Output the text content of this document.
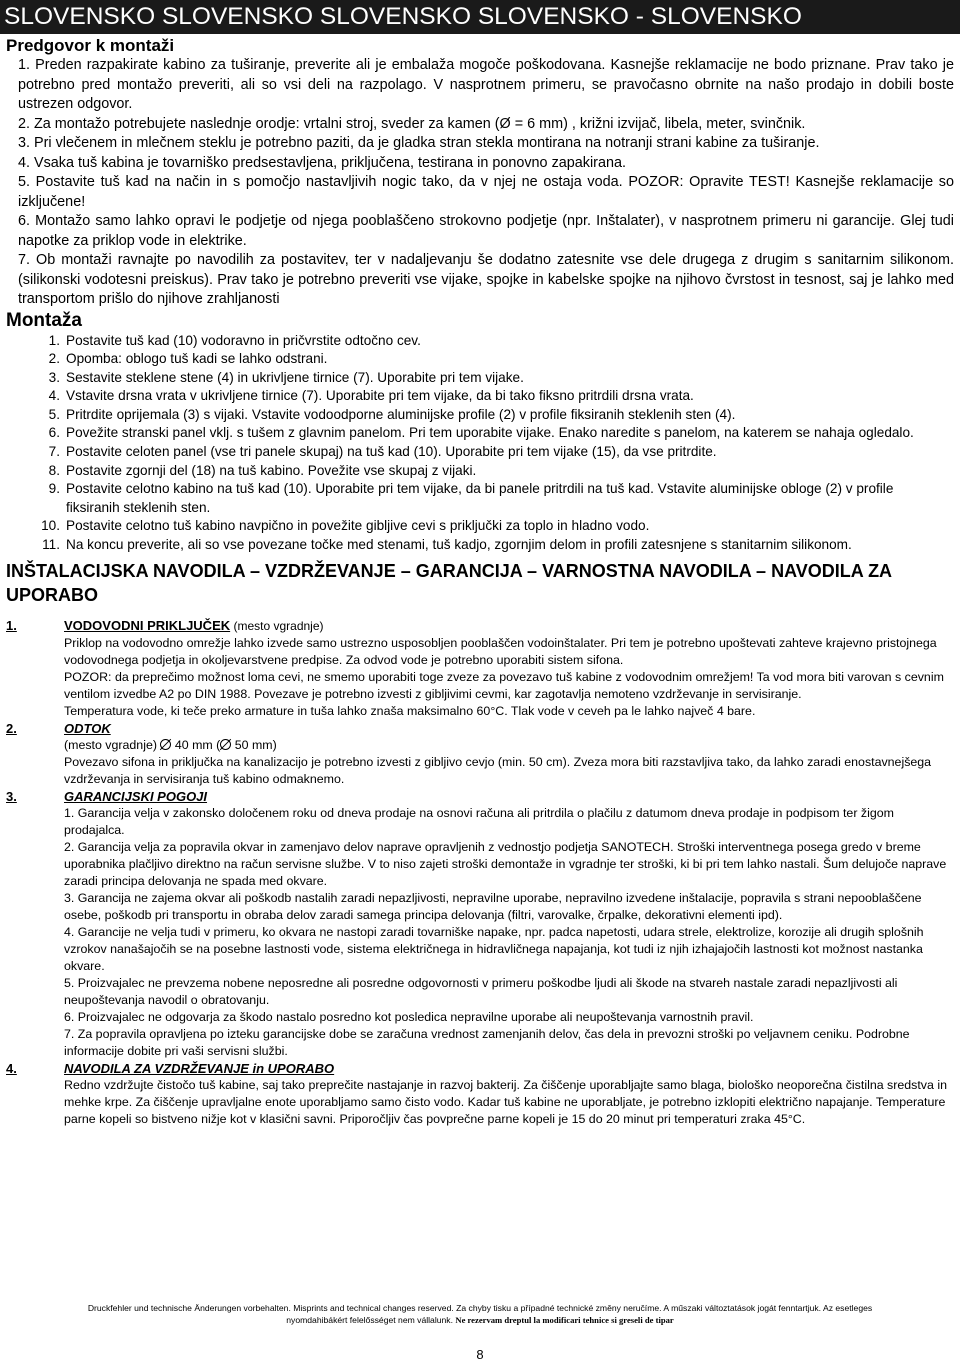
SLOVENSKO SLOVENSKO SLOVENSKO SLOVENSKO - SLOVENSKO
Predgovor k montaži

1. Preden razpakirate kabino za tuširanje, preverite ali je embalaža mogoče poškodovana. Kasnejše reklamacije ne bodo priznane. Prav tako je potrebno pred montažo preveriti, ali so vsi deli na razpolago. V nasprotnem primeru, se pravočasno obrnite na našo prodajo in dobili boste ustrezen odgovor.

2. Za montažo potrebujete naslednje orodje: vrtalni stroj, sveder za kamen (Ø = 6 mm) , križni izvijač, libela, meter, svinčnik.

3. Pri vlečenem in mlečnem steklu je potrebno paziti, da je gladka stran stekla montirana na notranji strani kabine za tuširanje.

4. Vsaka tuš kabina je tovarniško predsestavljena, priključena, testirana in ponovno zapakirana.

5. Postavite tuš kad na način in s pomočjo nastavljivih nogic tako, da v njej ne ostaja voda. POZOR: Opravite TEST! Kasnejše reklamacije so izključene!

6. Montažo samo lahko opravi le podjetje od njega pooblaščeno strokovno podjetje (npr. Inštalater), v nasprotnem primeru ni garancije. Glej tudi napotke za priklop vode in elektrike.

7. Ob montaži ravnajte po navodilih za postavitev, ter v nadaljevanju še dodatno zatesnite vse dele drugega z drugim s sanitarnim silikonom. (silikonski vodotesni preiskus). Prav tako je potrebno preveriti vse vijake, spojke in kabelske spojke na njihovo čvrstost in tesnost, saj je lahko med transportom prišlo do njihove zrahljanosti

Montaža
1. Postavite tuš kad (10) vodoravno in pričvrstite odtočno cev.
2. Opomba: oblogo tuš kadi se lahko odstrani.
3. Sestavite steklene stene (4) in ukrivljene tirnice (7). Uporabite pri tem vijake.
4. Vstavite drsna vrata v ukrivljene tirnice (7). Uporabite pri tem vijake, da bi tako fiksno pritrdili drsna vrata.
5. Pritrdite oprijemala (3) s vijaki. Vstavite vodoodporne aluminijske profile (2) v profile fiksiranih steklenih sten (4).
6. Povežite stranski panel vklj. s tušem z glavnim panelom. Pri tem uporabite vijake. Enako naredite s panelom, na katerem se nahaja ogledalo.
7. Postavite celoten panel (vse tri panele skupaj) na tuš kad (10). Uporabite pri tem vijake (15), da vse pritrdite.
8. Postavite zgornji del (18) na tuš kabino. Povežite vse skupaj z vijaki.
9. Postavite celotno kabino na tuš kad (10). Uporabite pri tem vijake, da bi panele pritrdili na tuš kad. Vstavite aluminijske obloge (2) v profile fiksiranih steklenih sten.
10. Postavite celotno tuš kabino navpično in povežite gibljive cevi s priključki za toplo in hladno vodo.
11. Na koncu preverite, ali so vse povezane točke med stenami, tuš kadjo, zgornjim delom in profili zatesnjene s stanitarnim silikonom.
INŠTALACIJSKA NAVODILA – VZDRŽEVANJE – GARANCIJA – VARNOSTNA NAVODILA – NAVODILA ZA UPORABO
1.	VODOVODNI PRIKLJUČEK (mesto vgradnje)

Priklop na vodovodno omrežje lahko izvede samo ustrezno usposobljen pooblaščen vodoinštalater. Pri tem je potrebno upoštevati zahteve krajevno pristojnega vodovodnega podjetja in okoljevarstvene predpise. Za odvod vode je potrebno uporabiti sistem sifona.

POZOR: da preprečimo možnost loma cevi, ne smemo uporabiti toge zveze za povezavo tuš kabine z vodovodnim omrežjem! Ta vod mora biti varovan s cevnim ventilom izvedbe A2 po DIN 1988. Povezave je potrebno izvesti z gibljivimi cevmi, kar zagotavlja nemoteno vzdrževanje in servisiranje.

Temperatura vode, ki teče preko armature in tuša lahko znaša maksimalno 60°C. Tlak vode v ceveh pa le lahko največ 4 bare.

2.	ODTOK

(mesto vgradnje)  40 mm ( 50 mm)

Povezavo sifona in priključka na kanalizacijo je potrebno izvesti z gibljivo cevjo (min. 50 cm). Zveza mora biti razstavljiva tako, da lahko zaradi enostavnejšega vzdrževanja in servisiranja tuš kabino odmaknemo.

3.	GARANCIJSKI POGOJI

1. Garancija velja v zakonsko določenem roku od dneva prodaje na osnovi računa ali pritrdila o plačilu z datumom dneva prodaje in podpisom ter žigom prodajalca.

2. Garancija velja za popravila okvar in zamenjavo delov naprave opravljenih z vednostjo podjetja SANOTECH. Stroški interventnega posega gredo v breme uporabnika plačljivo direktno na račun servisne službe. V to niso zajeti stroški demontaže in vgradnje ter stroški, ki bi pri tem lahko nastali. Šum delujoče naprave zaradi principa delovanja ne spada med okvare.

3. Garancija ne zajema okvar ali poškodb nastalih zaradi nepazljivosti, nepravilne uporabe, nepravilno izvedene inštalacije, popravila s strani nepooblaščene osebe, poškodb pri transportu in obraba delov zaradi samega principa delovanja (filtri, varovalke, črpalke, dekorativni elementi ipd).

4. Garancije ne velja tudi v primeru, ko okvara ne nastopi zaradi tovarniške napake, npr. padca napetosti, udara strele, elektrolize, korozije ali drugih splošnih vzrokov nanašajočih se na posebne lastnosti vode, sistema električnega in hidravličnega napajanja, kot tudi iz njih izhajajočih lastnosti kot možnost nastanka okvare.

5. Proizvajalec ne prevzema nobene neposredne ali posredne odgovornosti v primeru poškodbe ljudi ali škode na stvareh nastale zaradi nepazljivosti ali neupoštevanja navodil o obratovanju.

6. Proizvajalec ne odgovarja za škodo nastalo posredno kot posledica nepravilne uporabe ali neupoštevanja varnostnih pravil.

7. Za popravila opravljena po izteku garancijske dobe se zaračuna vrednost zamenjanih delov, čas dela in prevozni stroški po veljavnem ceniku. Podrobne informacije dobite pri vaši servisni službi.

4.	NAVODILA ZA VZDRŽEVANJE in UPORABO

Redno vzdržujte čistočo tuš kabine, saj tako preprečite nastajanje in razvoj bakterij. Za čiščenje uporabljajte samo blaga, biološko neoporečna čistilna sredstva in mehke krpe. Za čiščenje upravljalne enote uporabljamo samo čisto vodo. Kadar tuš kabine ne uporabljate, je potrebno izklopiti električno napajanje. Temperature parne kopeli so bistveno nižje kot v klasični savni. Priporočljiv čas povprečne parne kopeli je 15 do 20 minut pri temperaturi zraka 45°C.

Druckfehler und technische Änderungen vorbehalten. Misprints and technical changes reserved. Za chyby tisku a případné technické změny neručíme. A műszaki változtatások jogát fenntartjuk. Az esetleges
nyomdahibákért felelősséget nem vállalunk. Ne rezervam dreptul la modificari tehnice si greseli de tipar
8
